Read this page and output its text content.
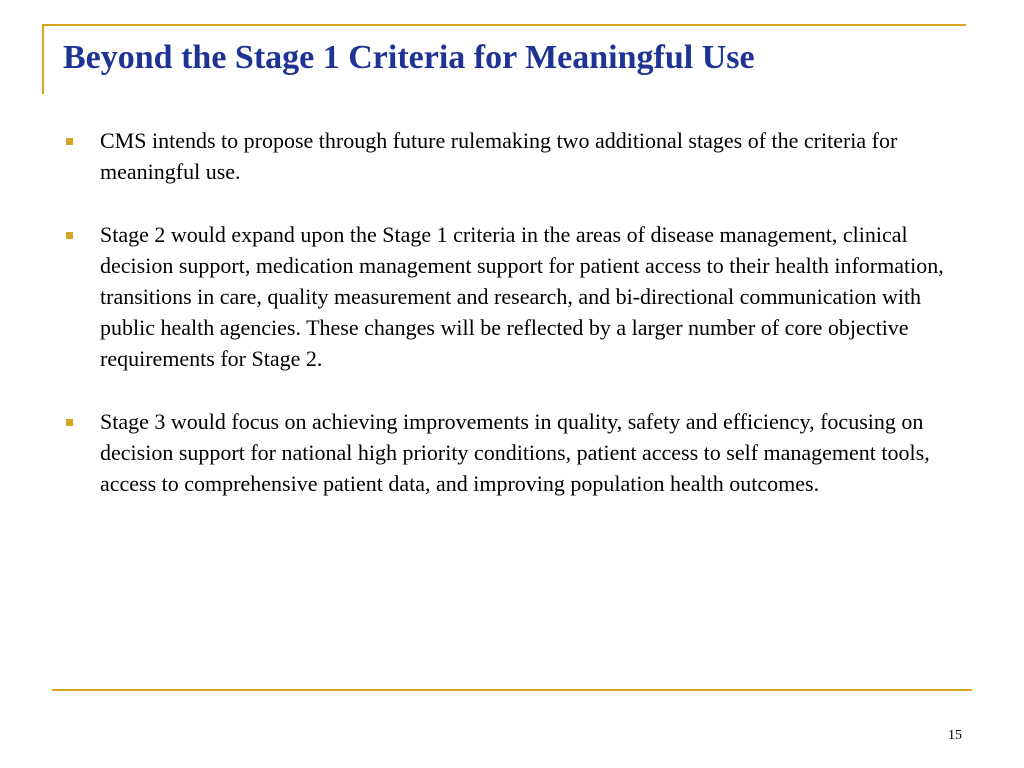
Beyond the Stage 1 Criteria for Meaningful Use
CMS intends to propose through future rulemaking two additional stages of the criteria for meaningful use.
Stage 2 would expand upon the Stage 1 criteria in the areas of disease management, clinical decision support, medication management support for patient access to their health information, transitions in care, quality measurement and research, and bi-directional communication with public health agencies. These changes will be reflected by a larger number of core objective requirements for Stage 2.
Stage 3 would focus on achieving improvements in quality, safety and efficiency, focusing on decision support for national high priority conditions, patient access to self management tools, access to comprehensive patient data, and improving population health outcomes.
15
